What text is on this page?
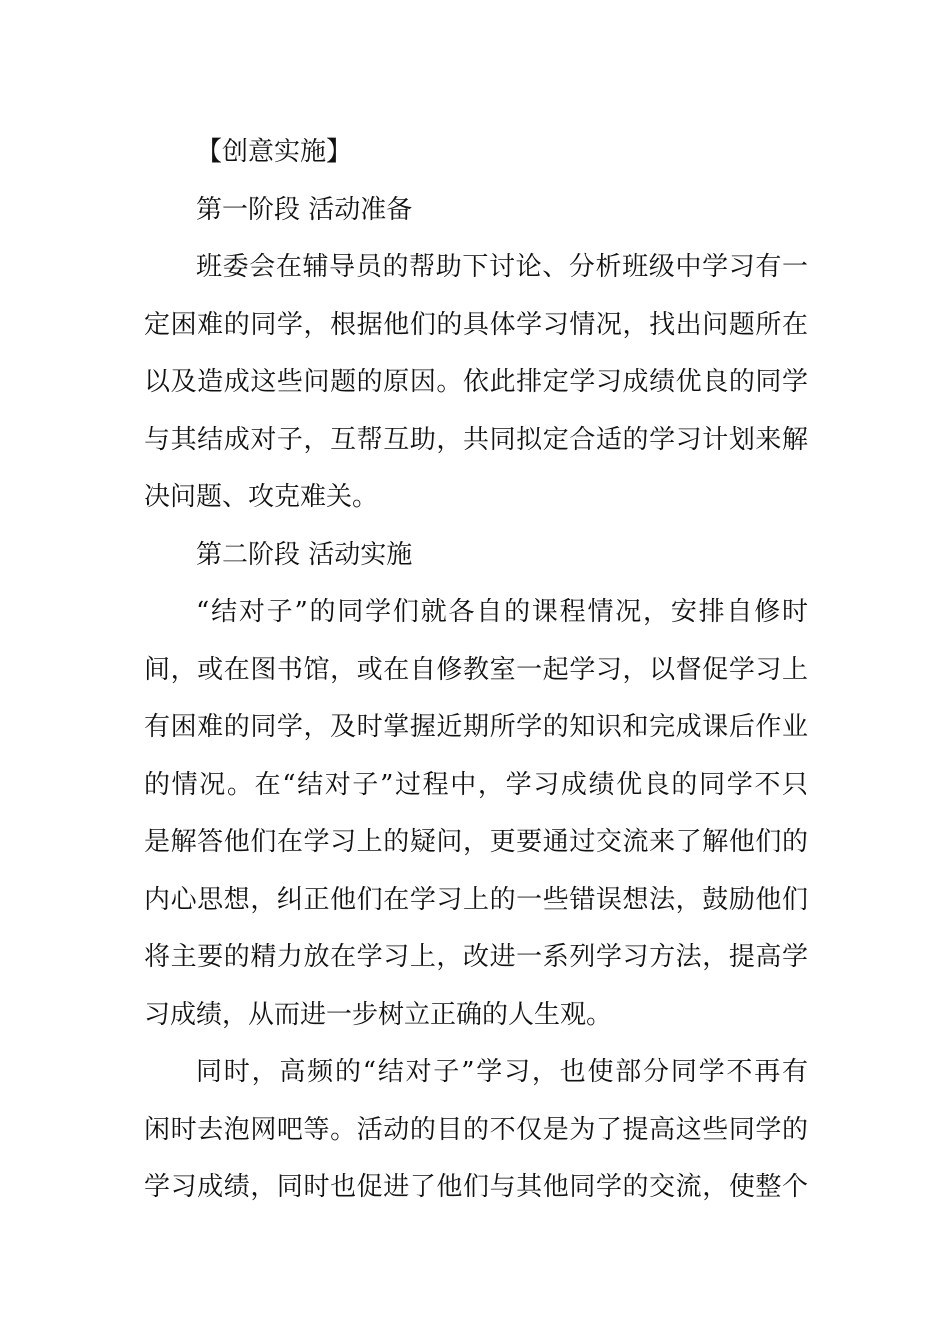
【创意实施】
第一阶段 活动准备
班委会在辅导员的帮助下讨论、分析班级中学习有一
定困难的同学，根据他们的具体学习情况，找出问题所在
以及造成这些问题的原因。依此排定学习成绩优良的同学
与其结成对子，互帮互助，共同拟定合适的学习计划来解
决问题、攻克难关。
第二阶段 活动实施
“结对子”的同学们就各自的课程情况，安排自修时
间，或在图书馆，或在自修教室一起学习，以督促学习上
有困难的同学，及时掌握近期所学的知识和完成课后作业
的情况。在“结对子”过程中，学习成绩优良的同学不只
是解答他们在学习上的疑问，更要通过交流来了解他们的
内心思想，纠正他们在学习上的一些错误想法，鼓励他们
将主要的精力放在学习上，改进一系列学习方法，提高学
习成绩，从而进一步树立正确的人生观。
同时，高频的“结对子”学习，也使部分同学不再有
闲时去泡网吧等。活动的目的不仅是为了提高这些同学的
学习成绩，同时也促进了他们与其他同学的交流，使整个
